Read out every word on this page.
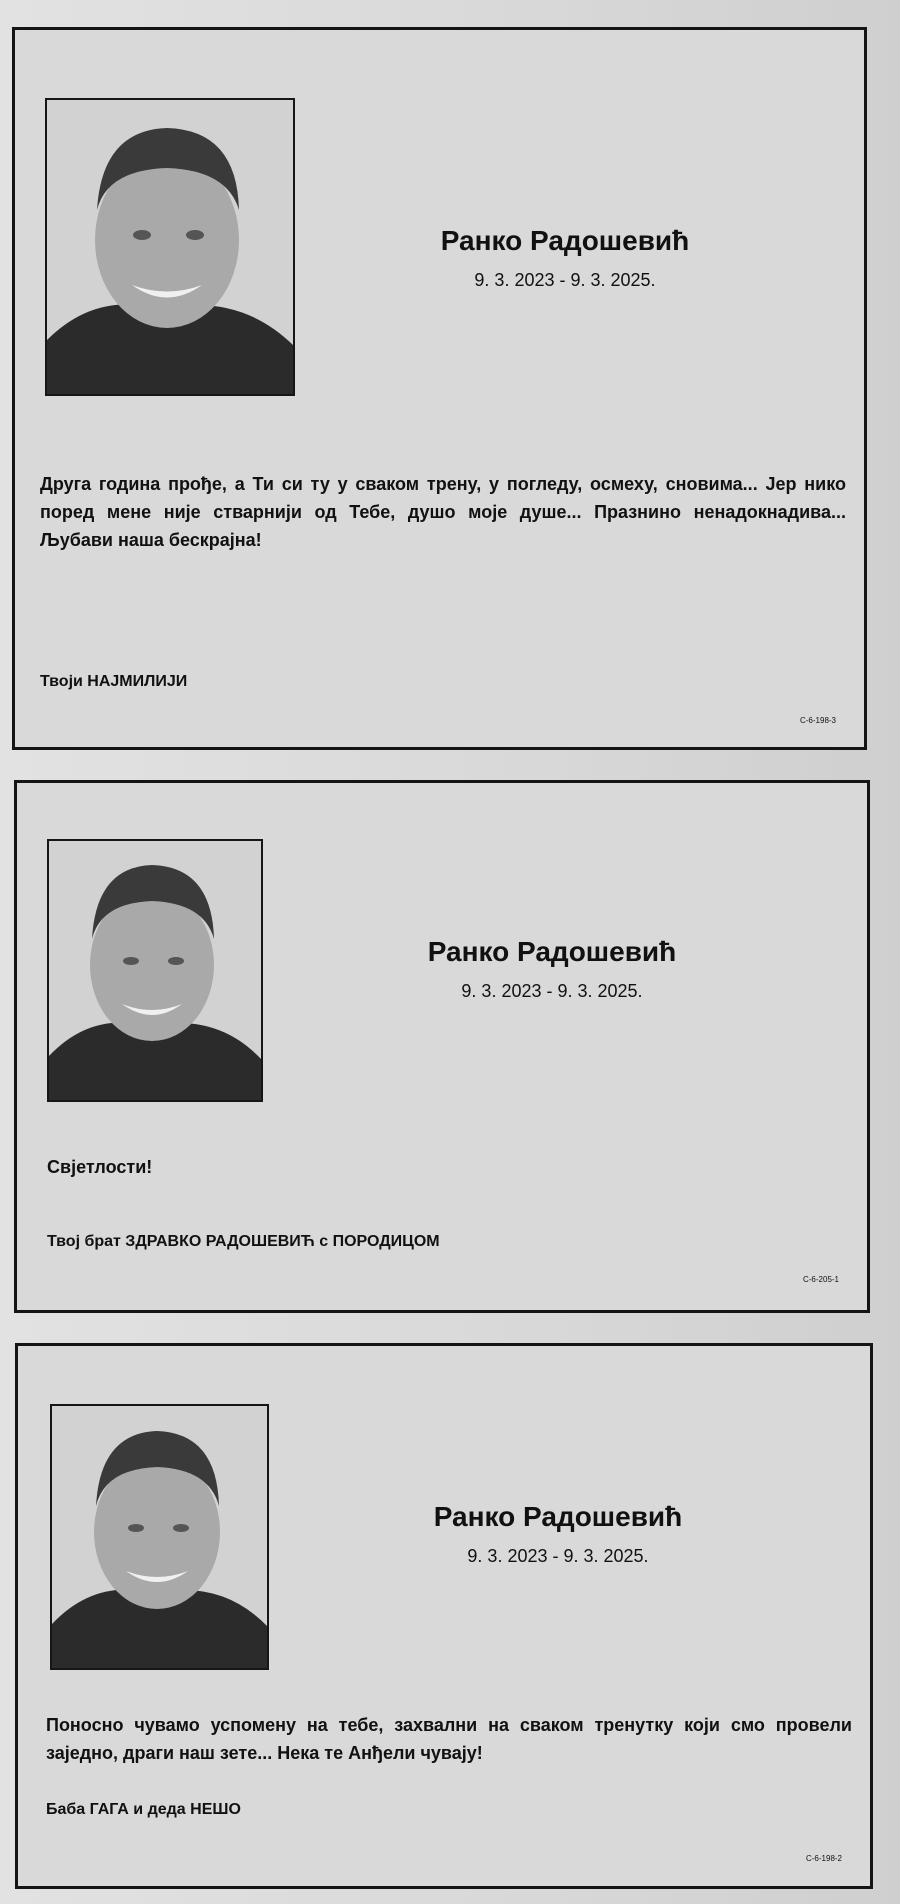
Ранко Радошевић
9. 3. 2023 - 9. 3. 2025.
Друга година прође, а Ти си ту у сваком трену, у погледу, осмеху, сновима... Јер нико поред мене није стварнији од Тебе, душо моје душе... Празнино ненадокнадива... Љубави наша бескрајна!
Твоји НАЈМИЛИЈИ
С-6-198-3
Ранко Радошевић
9. 3. 2023 - 9. 3. 2025.
Свјетлости!
Твој брат ЗДРАВКО РАДОШЕВИЋ с ПОРОДИЦОМ
С-6-205-1
Ранко Радошевић
9. 3. 2023 - 9. 3. 2025.
Поносно чувамо успомену на тебе, захвални на сваком тренутку који смо провели заједно, драги наш зете... Нека те Анђели чувају!
Баба ГАГА и деда НЕШО
С-6-198-2
